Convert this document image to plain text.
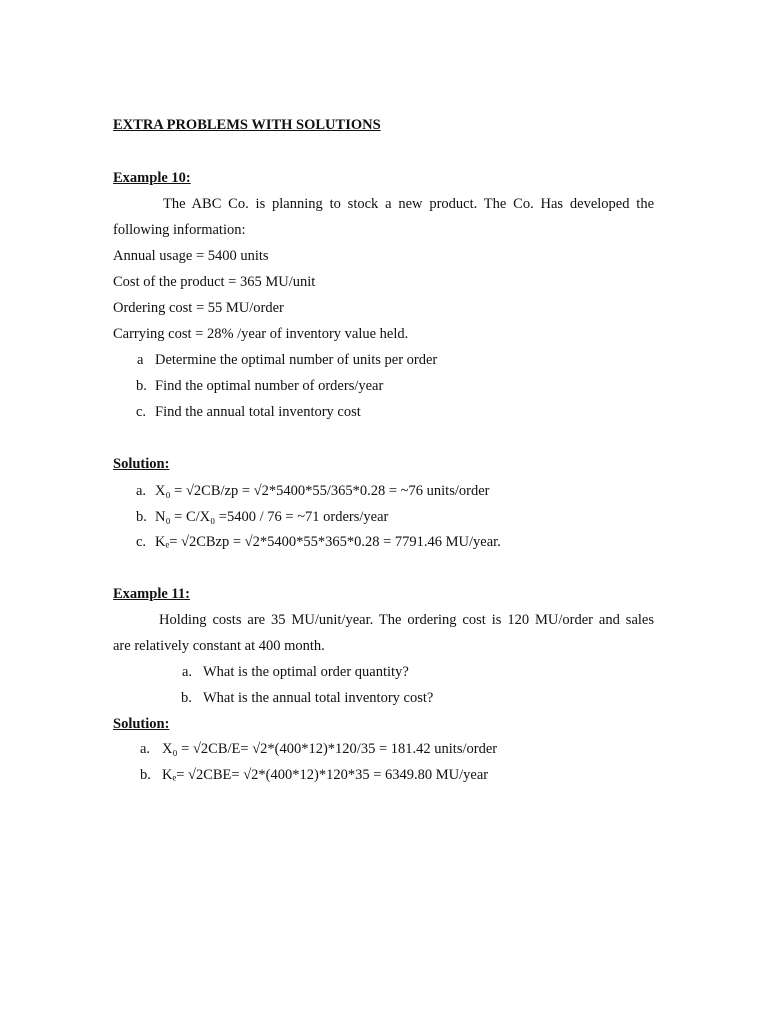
EXTRA PROBLEMS WITH SOLUTIONS
Example 10:
The ABC Co. is planning to stock a new product. The Co. Has developed the
following information:
Annual usage = 5400 units
Cost of the product = 365 MU/unit
Ordering cost = 55 MU/order
Carrying cost = 28% /year of inventory value held.
a Determine the optimal number of units per order
b. Find the optimal number of orders/year
c. Find the annual total inventory cost
Solution:
a. X₀ = √2CB/zp = √2*5400*55/365*0.28 = ~76 units/order
b. N₀ = C/X₀ =5400 / 76 = ~71 orders/year
c. Kₑ= √2CBzp = √2*5400*55*365*0.28 = 7791.46 MU/year.
Example 11:
Holding costs are 35 MU/unit/year. The ordering cost is 120 MU/order and sales
are relatively constant at 400 month.
a. What is the optimal order quantity?
b. What is the annual total inventory cost?
Solution:
a. X₀ = √2CB/E= √2*(400*12)*120/35 = 181.42 units/order
b. Kₑ= √2CBE= √2*(400*12)*120*35 = 6349.80 MU/year
